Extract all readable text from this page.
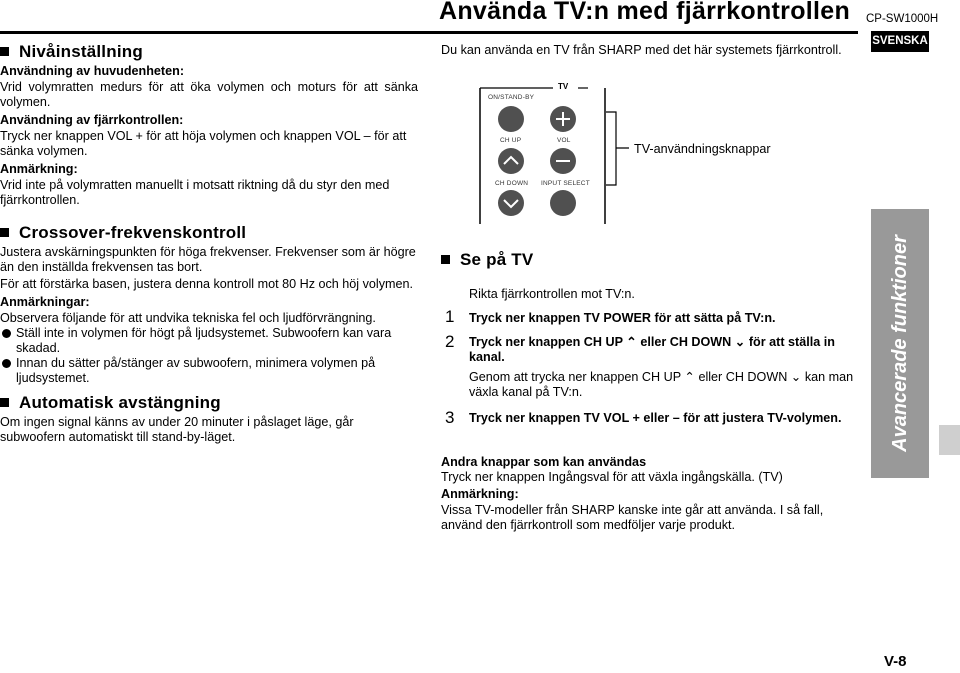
Använda TV:n med fjärrkontrollen CP-SW1000H
SVENSKA
Nivåinställning
Användning av huvudenheten:
Vrid volymratten medurs för att öka volymen och moturs för att sänka volymen.
Användning av fjärrkontrollen:
Tryck ner knappen VOL + för att höja volymen och knappen VOL – för att sänka volymen.
Anmärkning:
Vrid inte på volymratten manuellt i motsatt riktning då du styr den med fjärrkontrollen.
Crossover-frekvenskontroll
Justera avskärningspunkten för höga frekvenser. Frekvenser som är högre än den inställda frekvensen tas bort.
För att förstärka basen, justera denna kontroll mot 80 Hz och höj volymen.
Anmärkningar:
Observera följande för att undvika tekniska fel och ljudförvrängning.
Ställ inte in volymen för högt på ljudsystemet. Subwoofern kan vara skadad.
Innan du sätter på/stänger av subwoofern, minimera volymen på ljudsystemet.
Automatisk avstängning
Om ingen signal känns av under 20 minuter i påslaget läge, går subwoofern automatiskt till stand-by-läget.
Du kan använda en TV från SHARP med det här systemets fjärrkontroll.
TV
ON/STAND-BY
CH UP	VOL
CH DOWN INPUT SELECT
TV-användningsknappar
Se på TV
Rikta fjärrkontrollen mot TV:n.
1 Tryck ner knappen TV POWER för att sätta på TV:n.
2 Tryck ner knappen CH UP ⌃ eller CH DOWN ⌄ för att ställa in kanal.
Genom att trycka ner knappen CH UP ⌃ eller CH DOWN ⌄ kan man växla kanal på TV:n.
3 Tryck ner knappen TV VOL + eller – för att justera TV-volymen.
Andra knappar som kan användas
Tryck ner knappen Ingångsval för att växla ingångskälla. (TV)
Anmärkning:
Vissa TV-modeller från SHARP kanske inte går att använda. I så fall, använd den fjärrkontroll som medföljer varje produkt.
Avancerade funktioner
V-8
